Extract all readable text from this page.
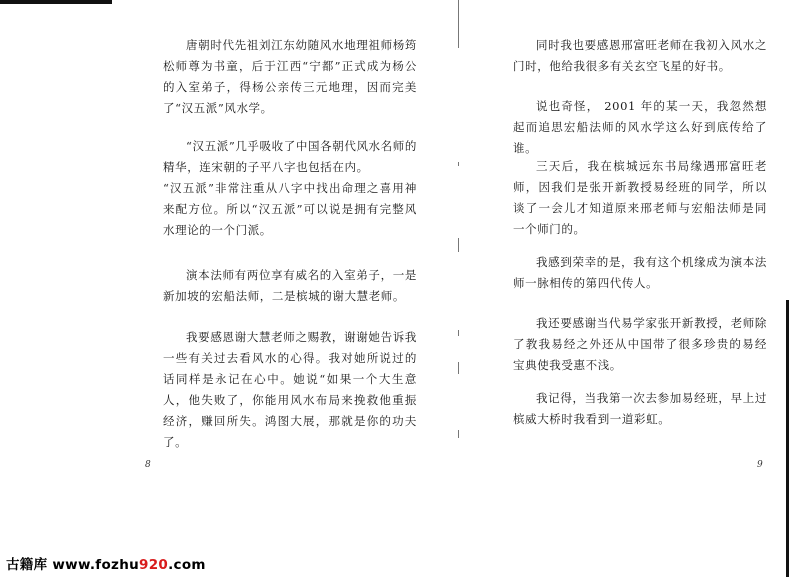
唐朝时代先祖刘江东幼随风水地理祖师杨筠松师尊为书童，后于江西“宁都”正式成为杨公的入室弟子，得杨公亲传三元地理，因而完美了“汉五派”风水学。

“汉五派”几乎吸收了中国各朝代风水名师的精华，连宋朝的子平八字也包括在内。

“汉五派”非常注重从八字中找出命理之喜用神来配方位。所以“汉五派”可以说是拥有完整风水理论的一个门派。

演本法师有两位享有威名的入室弟子，一是新加坡的宏船法师，二是槟城的谢大慧老师。

我要感恩谢大慧老师之赐教，谢谢她告诉我一些有关过去看风水的心得。我对她所说过的话同样是永记在心中。她说“如果一个大生意人，他失败了，你能用风水布局来挽救他重振经济，赚回所失。鸿图大展，那就是你的功夫了。

8

同时我也要感恩邢富旺老师在我初入风水之门时，他给我很多有关玄空飞星的好书。

说也奇怪， 2001 年的某一天，我忽然想起而追思宏船法师的风水学这么好到底传给了谁。

三天后，我在槟城远东书局缘遇邢富旺老师，因我们是张开新教授易经班的同学，所以谈了一会儿才知道原来邢老师与宏船法师是同一个师门的。

我感到荣幸的是，我有这个机缘成为演本法师一脉相传的第四代传人。

我还要感谢当代易学家张开新教授，老师除了教我易经之外还从中国带了很多珍贵的易经宝典使我受惠不浅。

我记得，当我第一次去参加易经班，早上过槟威大桥时我看到一道彩虹。

9
古籍库 www.fozhu920.com
